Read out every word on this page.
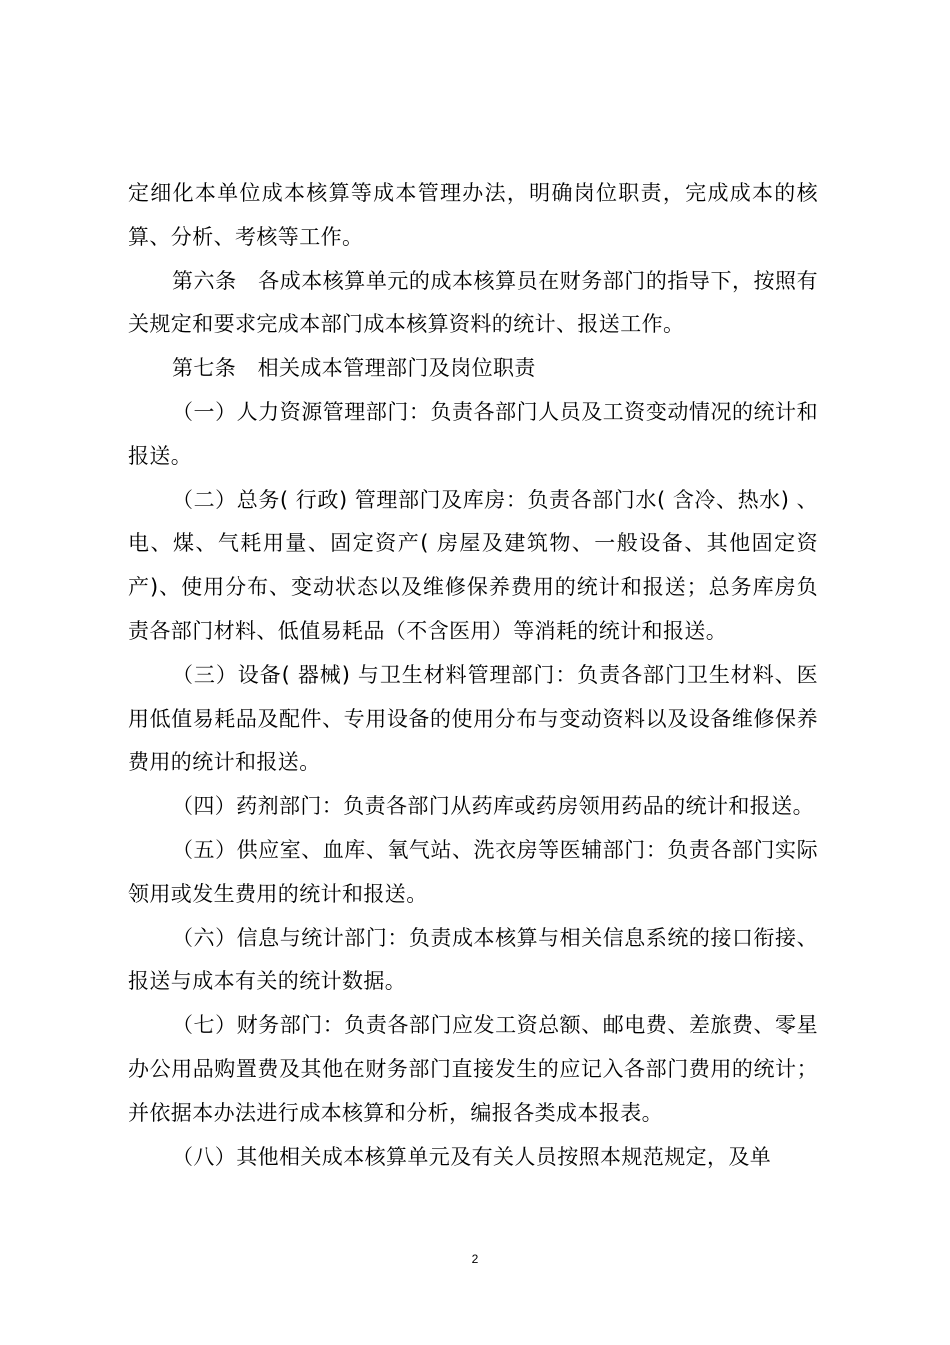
定细化本单位成本核算等成本管理办法，明确岗位职责，完成成本的核算、分析、考核等工作。

第六条　各成本核算单元的成本核算员在财务部门的指导下，按照有关规定和要求完成本部门成本核算资料的统计、报送工作。

第七条　相关成本管理部门及岗位职责

（一）人力资源管理部门：负责各部门人员及工资变动情况的统计和报送。

（二）总务( 行政) 管理部门及库房：负责各部门水( 含冷、热水) 、电、煤、气耗用量、固定资产( 房屋及建筑物、一般设备、其他固定资产)、使用分布、变动状态以及维修保养费用的统计和报送；总务库房负责各部门材料、低值易耗品（不含医用）等消耗的统计和报送。

（三）设备( 器械) 与卫生材料管理部门：负责各部门卫生材料、医用低值易耗品及配件、专用设备的使用分布与变动资料以及设备维修保养费用的统计和报送。

（四）药剂部门：负责各部门从药库或药房领用药品的统计和报送。

（五）供应室、血库、氧气站、洗衣房等医辅部门：负责各部门实际领用或发生费用的统计和报送。

（六）信息与统计部门：负责成本核算与相关信息系统的接口衔接、报送与成本有关的统计数据。

（七）财务部门：负责各部门应发工资总额、邮电费、差旅费、零星办公用品购置费及其他在财务部门直接发生的应记入各部门费用的统计；并依据本办法进行成本核算和分析，编报各类成本报表。

（八）其他相关成本核算单元及有关人员按照本规范规定，及单

2
